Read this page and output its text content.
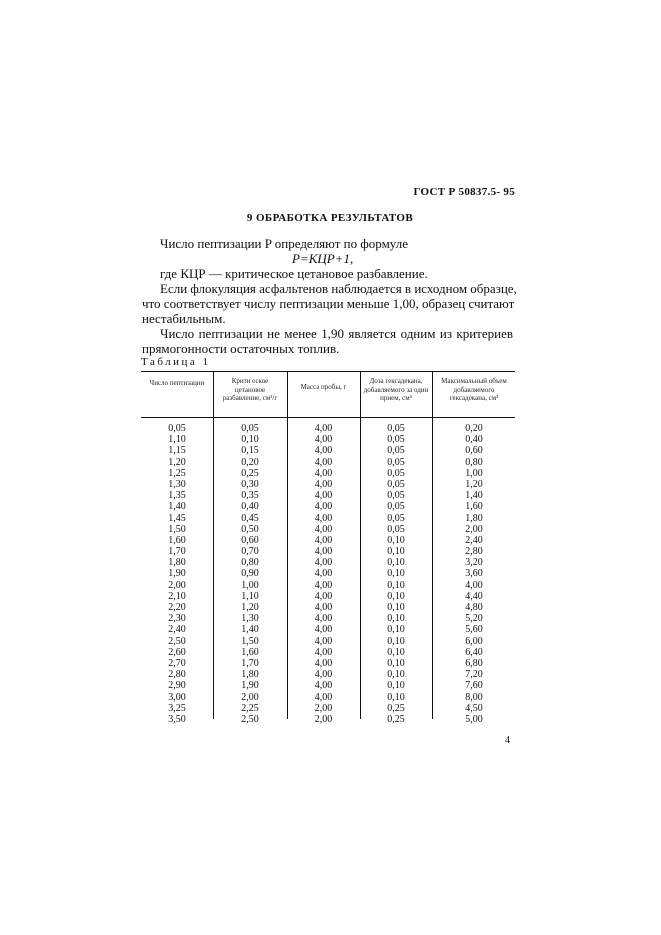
ГОСТ Р 50837.5- 95
9 ОБРАБОТКА РЕЗУЛЬТАТОВ
Число пептизации P определяют по формуле
P=КЦР+1,
где КЦР — критическое цетановое разбавление.
Если флокуляция асфальтенов наблюдается в исходном образце,
что соответствует числу пептизации меньше 1,00, образец считают
нестабильным.
Число пептизации не менее 1,90 является одним из критериев
прямогонности остаточных топлив.
Таблица 1
Число пептизации	Крити еское цетановое разбавление, см³/г
Масса пробы, г
Доза гексадекана, добавляемого за один прием, см³
Максимальный объем добавляемого гексадекана, см³
0,05
1,10
1,15
1,20
1,25
1,30
1,35
1,40
1,45
1,50
1,60
1,70
1,80
1,90
2,00
2,10
2,20
2,30
2,40
2,50
2,60
2,70
2,80
2,90
3,00
3,25
3,50
0,05
0,10
0,15
0,20
0,25
0,30
0,35
0,40
0,45
0,50
0,60
0,70
0,80
0,90
1,00
1,10
1,20
1,30
1,40
1,50
1,60
1,70
1,80
1,90
2,00
2,25
2,50
4,00
4,00
4,00
4,00
4,00
4,00
4,00
4,00
4,00
4,00
4,00
4,00
4,00
4,00
4,00
4,00
4,00
4,00
4,00
4,00
4,00
4,00
4,00
4,00
4,00
2,00
2,00
0,05
0,05
0,05
0,05
0,05
0,05
0,05
0,05
0,05
0,05
0,10
0,10
0,10
0,10
0,10
0,10
0,10
0,10
0,10
0,10
0,10
0,10
0,10
0,10
0,10
0,25
0,25
0,20
0,40
0,60
0,80
1,00
1,20
1,40
1,60
1,80
2,00
2,40
2,80
3,20
3,60
4,00
4,40
4,80
5,20
5,60
6,00
6,40
6,80
7,20
7,60
8,00
4,50
5,00
4
